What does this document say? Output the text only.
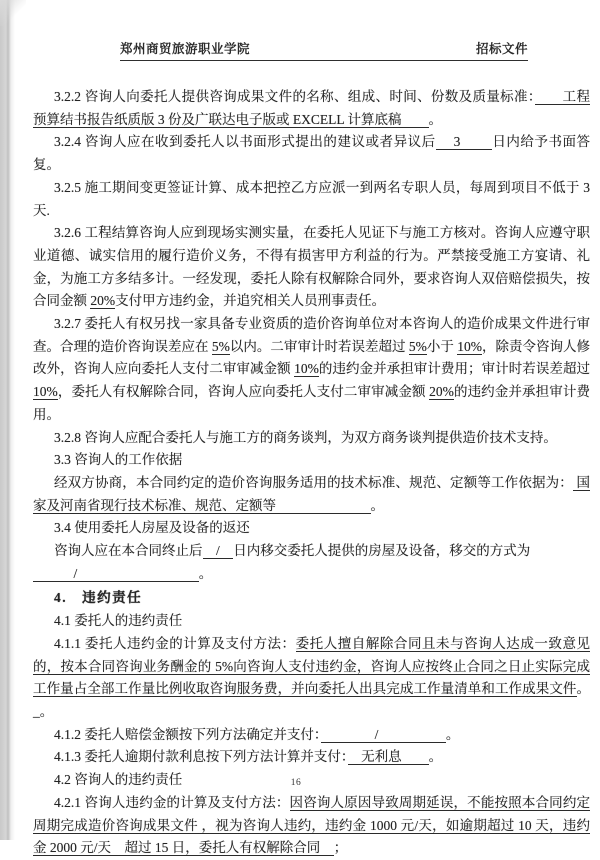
郑州商贸旅游职业学院	招标文件

3.2.2 咨询人向委托人提供咨询成果文件的名称、组成、时间、份数及质量标准：　　工程预算结书报告纸质版 3 份及广联达电子版或 EXCELL 计算底稿　　。

3.2.4 咨询人应在收到委托人以书面形式提出的建议或者异议后　 3 　　日内给予书面答复。

3.2.5 施工期间变更签证计算、成本把控乙方应派一到两名专职人员，每周到项目不低于 3 天.

3.2.6 工程结算咨询人应到现场实测实量，在委托人见证下与施工方核对。咨询人应遵守职业道德、诚实信用的履行造价义务，不得有损害甲方利益的行为。严禁接受施工方宴请、礼金，为施工方多结多计。一经发现，委托人除有权解除合同外，要求咨询人双倍赔偿损失，按合同金额 20%支付甲方违约金，并追究相关人员刑事责任。

3.2.7 委托人有权另找一家具备专业资质的造价咨询单位对本咨询人的造价成果文件进行审查。合理的造价咨询误差应在 5%以内。二审审计时若误差超过 5%小于 10%，除责令咨询人修改外，咨询人应向委托人支付二审审减金额 10%的违约金并承担审计费用；审计时若误差超过 10%，委托人有权解除合同，咨询人应向委托人支付二审审减金额 20%的违约金并承担审计费用。

3.2.8 咨询人应配合委托人与施工方的商务谈判，为双方商务谈判提供造价技术支持。

3.3 咨询人的工作依据

经双方协商，本合同约定的造价咨询服务适用的技术标准、规范、定额等工作依据为： 国家及河南省现行技术标准、规范、定额等　　　　　　　。

3.4 使用委托人房屋及设备的返还

咨询人应在本合同终止后　/　日内移交委托人提供的房屋及设备，移交的方式为

　　　/　　　　　　　　　。

4.　违约责任

4.1 委托人的违约责任

4.1.1 委托人违约金的计算及支付方法：委托人擅自解除合同且未与咨询人达成一致意见的，按本合同咨询业务酬金的 5%向咨询人支付违约金，咨询人应按终止合同之日止实际完成工作量占全部工作量比例收取咨询服务费，并向委托人出具完成工作量清单和工作成果文件。_。

4.1.2 委托人赔偿金额按下列方法确定并支付：　　　　/　　　　　。

4.1.3 委托人逾期付款利息按下列方法计算并支付：　无利息　　。

4.2 咨询人的违约责任

4.2.1 咨询人违约金的计算及支付方法：因咨询人原因导致周期延误，不能按照本合同约定周期完成造价咨询成果文件 ，视为咨询人违约，违约金 1000 元/天，如逾期超过 10 天，违约金 2000 元/天　超过 15 日，委托人有权解除合同　；

16
